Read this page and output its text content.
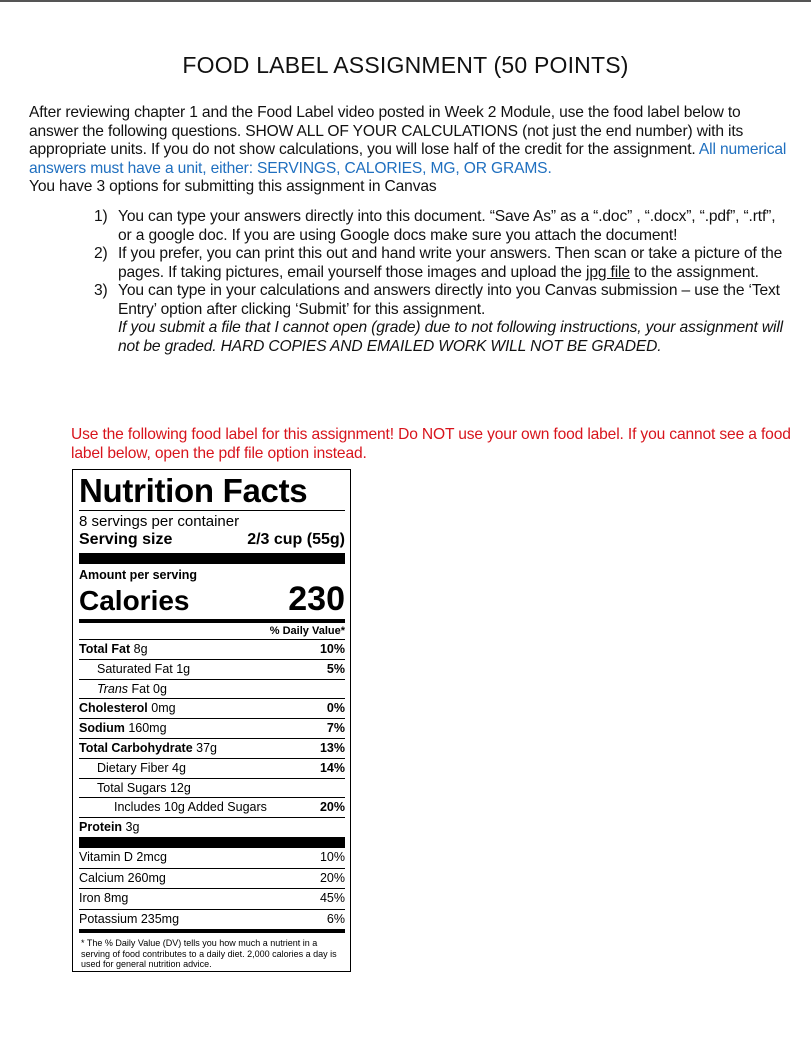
FOOD LABEL ASSIGNMENT (50 POINTS)
After reviewing chapter 1 and the Food Label video posted in Week 2 Module, use the food label below to answer the following questions. SHOW ALL OF YOUR CALCULATIONS (not just the end number) with its appropriate units. If you do not show calculations, you will lose half of the credit for the assignment. All numerical answers must have a unit, either: SERVINGS, CALORIES, MG, OR GRAMS.
You have 3 options for submitting this assignment in Canvas
1) You can type your answers directly into this document. “Save As” as a “.doc” , “.docx”, “.pdf”, “.rtf”, or a google doc. If you are using Google docs make sure you attach the document!
2) If you prefer, you can print this out and hand write your answers. Then scan or take a picture of the pages. If taking pictures, email yourself those images and upload the jpg file to the assignment.
3) You can type in your calculations and answers directly into you Canvas submission – use the ‘Text Entry’ option after clicking ‘Submit’ for this assignment.
If you submit a file that I cannot open (grade) due to not following instructions, your assignment will not be graded. HARD COPIES AND EMAILED WORK WILL NOT BE GRADED.
Use the following food label for this assignment! Do NOT use your own food label. If you cannot see a food label below, open the pdf file option instead.
Nutrition Facts
8 servings per container
Serving size	2/3 cup (55g)
Amount per serving
Calories	230
% Daily Value*
Total Fat 8g	10%
Saturated Fat 1g	5%
Trans Fat 0g
Cholesterol 0mg	0%
Sodium 160mg	7%
Total Carbohydrate 37g	13%
Dietary Fiber 4g	14%
Total Sugars 12g
Includes 10g Added Sugars	20%
Protein 3g
Vitamin D 2mcg	10%
Calcium 260mg	20%
Iron 8mg	45%
Potassium 235mg	6%
* The % Daily Value (DV) tells you how much a nutrient in a serving of food contributes to a daily diet. 2,000 calories a day is used for general nutrition advice.
